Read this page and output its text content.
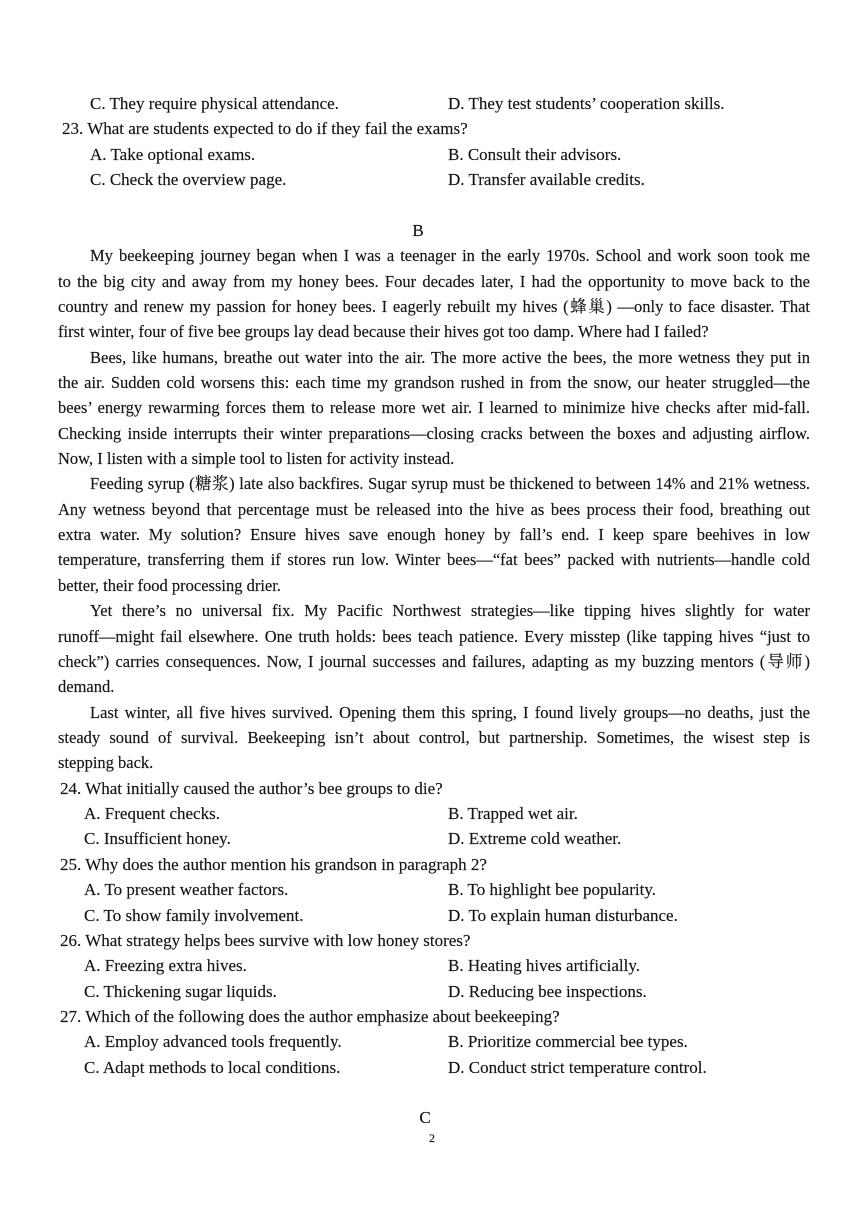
C. They require physical attendance.	D. They test students’ cooperation skills.
23. What are students expected to do if they fail the exams?
A. Take optional exams.	B. Consult their advisors.
C. Check the overview page.	D. Transfer available credits.
B
My beekeeping journey began when I was a teenager in the early 1970s. School and work soon took me
to the big city and away from my honey bees. Four decades later, I had the opportunity to move back to the
country and renew my passion for honey bees. I eagerly rebuilt my hives (蜂巢) —only to face disaster. That
first winter, four of five bee groups lay dead because their hives got too damp. Where had I failed?
Bees, like humans, breathe out water into the air. The more active the bees, the more wetness they put in
the air. Sudden cold worsens this: each time my grandson rushed in from the snow, our heater struggled—the
bees’ energy rewarming forces them to release more wet air. I learned to minimize hive checks after mid-fall.
Checking inside interrupts their winter preparations—closing cracks between the boxes and adjusting airflow.
Now, I listen with a simple tool to listen for activity instead.
Feeding syrup (糖浆) late also backfires. Sugar syrup must be thickened to between 14% and 21% wetness.
Any wetness beyond that percentage must be released into the hive as bees process their food, breathing out
extra water. My solution? Ensure hives save enough honey by fall’s end. I keep spare beehives in low
temperature, transferring them if stores run low. Winter bees—“fat bees” packed with nutrients—handle cold
better, their food processing drier.
Yet there’s no universal fix. My Pacific Northwest strategies—like tipping hives slightly for water
runoff—might fail elsewhere. One truth holds: bees teach patience. Every misstep (like tapping hives “just to
check”) carries consequences. Now, I journal successes and failures, adapting as my buzzing mentors (导师)
demand.
Last winter, all five hives survived. Opening them this spring, I found lively groups—no deaths, just the
steady sound of survival. Beekeeping isn’t about control, but partnership. Sometimes, the wisest step is
stepping back.
24. What initially caused the author’s bee groups to die?
A. Frequent checks.	B. Trapped wet air.
C. Insufficient honey.	D. Extreme cold weather.
25. Why does the author mention his grandson in paragraph 2?
A. To present weather factors.	B. To highlight bee popularity.
C. To show family involvement.	D. To explain human disturbance.
26. What strategy helps bees survive with low honey stores?
A. Freezing extra hives.	B. Heating hives artificially.
C. Thickening sugar liquids.	D. Reducing bee inspections.
27. Which of the following does the author emphasize about beekeeping?
A. Employ advanced tools frequently.	B. Prioritize commercial bee types.
C. Adapt methods to local conditions.	D. Conduct strict temperature control.
C
2
